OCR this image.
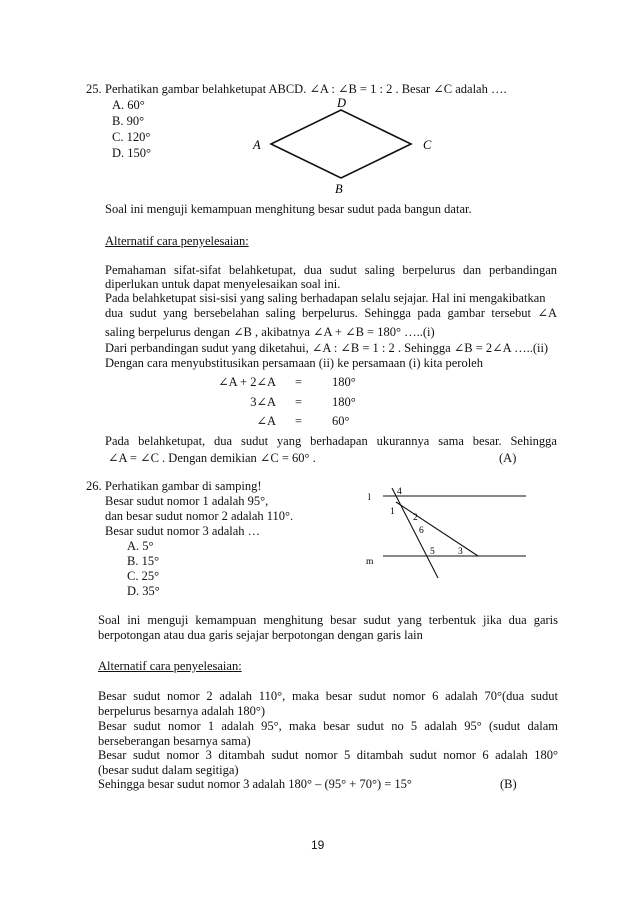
25. Perhatikan gambar belahketupat ABCD. ∠A : ∠B = 1 : 2 . Besar ∠C adalah ….
A. 60°
B. 90°
C. 120°
D. 150°
D
A	C
B
Soal ini menguji kemampuan menghitung besar sudut pada bangun datar.
Alternatif cara penyelesaian:
Pemahaman sifat-sifat belahketupat, dua sudut saling berpelurus dan perbandingan
diperlukan untuk dapat menyelesaikan soal ini.
Pada belahketupat sisi-sisi yang saling berhadapan selalu sejajar. Hal ini mengakibatkan
dua sudut yang bersebelahan saling berpelurus. Sehingga pada gambar tersebut ∠A
saling berpelurus dengan ∠B , akibatnya ∠A + ∠B = 180° …..(i)
Dari perbandingan sudut yang diketahui, ∠A : ∠B = 1 : 2 . Sehingga ∠B = 2∠A …..(ii)
Dengan cara menyubstitusikan persamaan (ii) ke persamaan (i) kita peroleh
∠A + 2∠A = 180°
3∠A = 180°
∠A = 60°
Pada belahketupat, dua sudut yang berhadapan ukurannya sama besar. Sehingga
∠A = ∠C . Dengan demikian ∠C = 60° .	(A)
26. Perhatikan gambar di samping!
Besar sudut nomor 1 adalah 95°,
dan besar sudut nomor 2 adalah 110°.
Besar sudut nomor 3 adalah …
A. 5°
B. 15°
C. 25°
D. 35°
l
m
4
1
2
6
5 3
Soal ini menguji kemampuan menghitung besar sudut yang terbentuk jika dua garis
berpotongan atau dua garis sejajar berpotongan dengan garis lain
Alternatif cara penyelesaian:
Besar sudut nomor 2 adalah 110°, maka besar sudut nomor 6 adalah 70°(dua sudut
berpelurus besarnya adalah 180°)
Besar sudut nomor 1 adalah 95°, maka besar sudut no 5 adalah 95° (sudut dalam
berseberangan besarnya sama)
Besar sudut nomor 3 ditambah sudut nomor 5 ditambah sudut nomor 6 adalah 180°
(besar sudut dalam segitiga)
Sehingga besar sudut nomor 3 adalah 180° – (95° + 70°) = 15°	(B)
19
